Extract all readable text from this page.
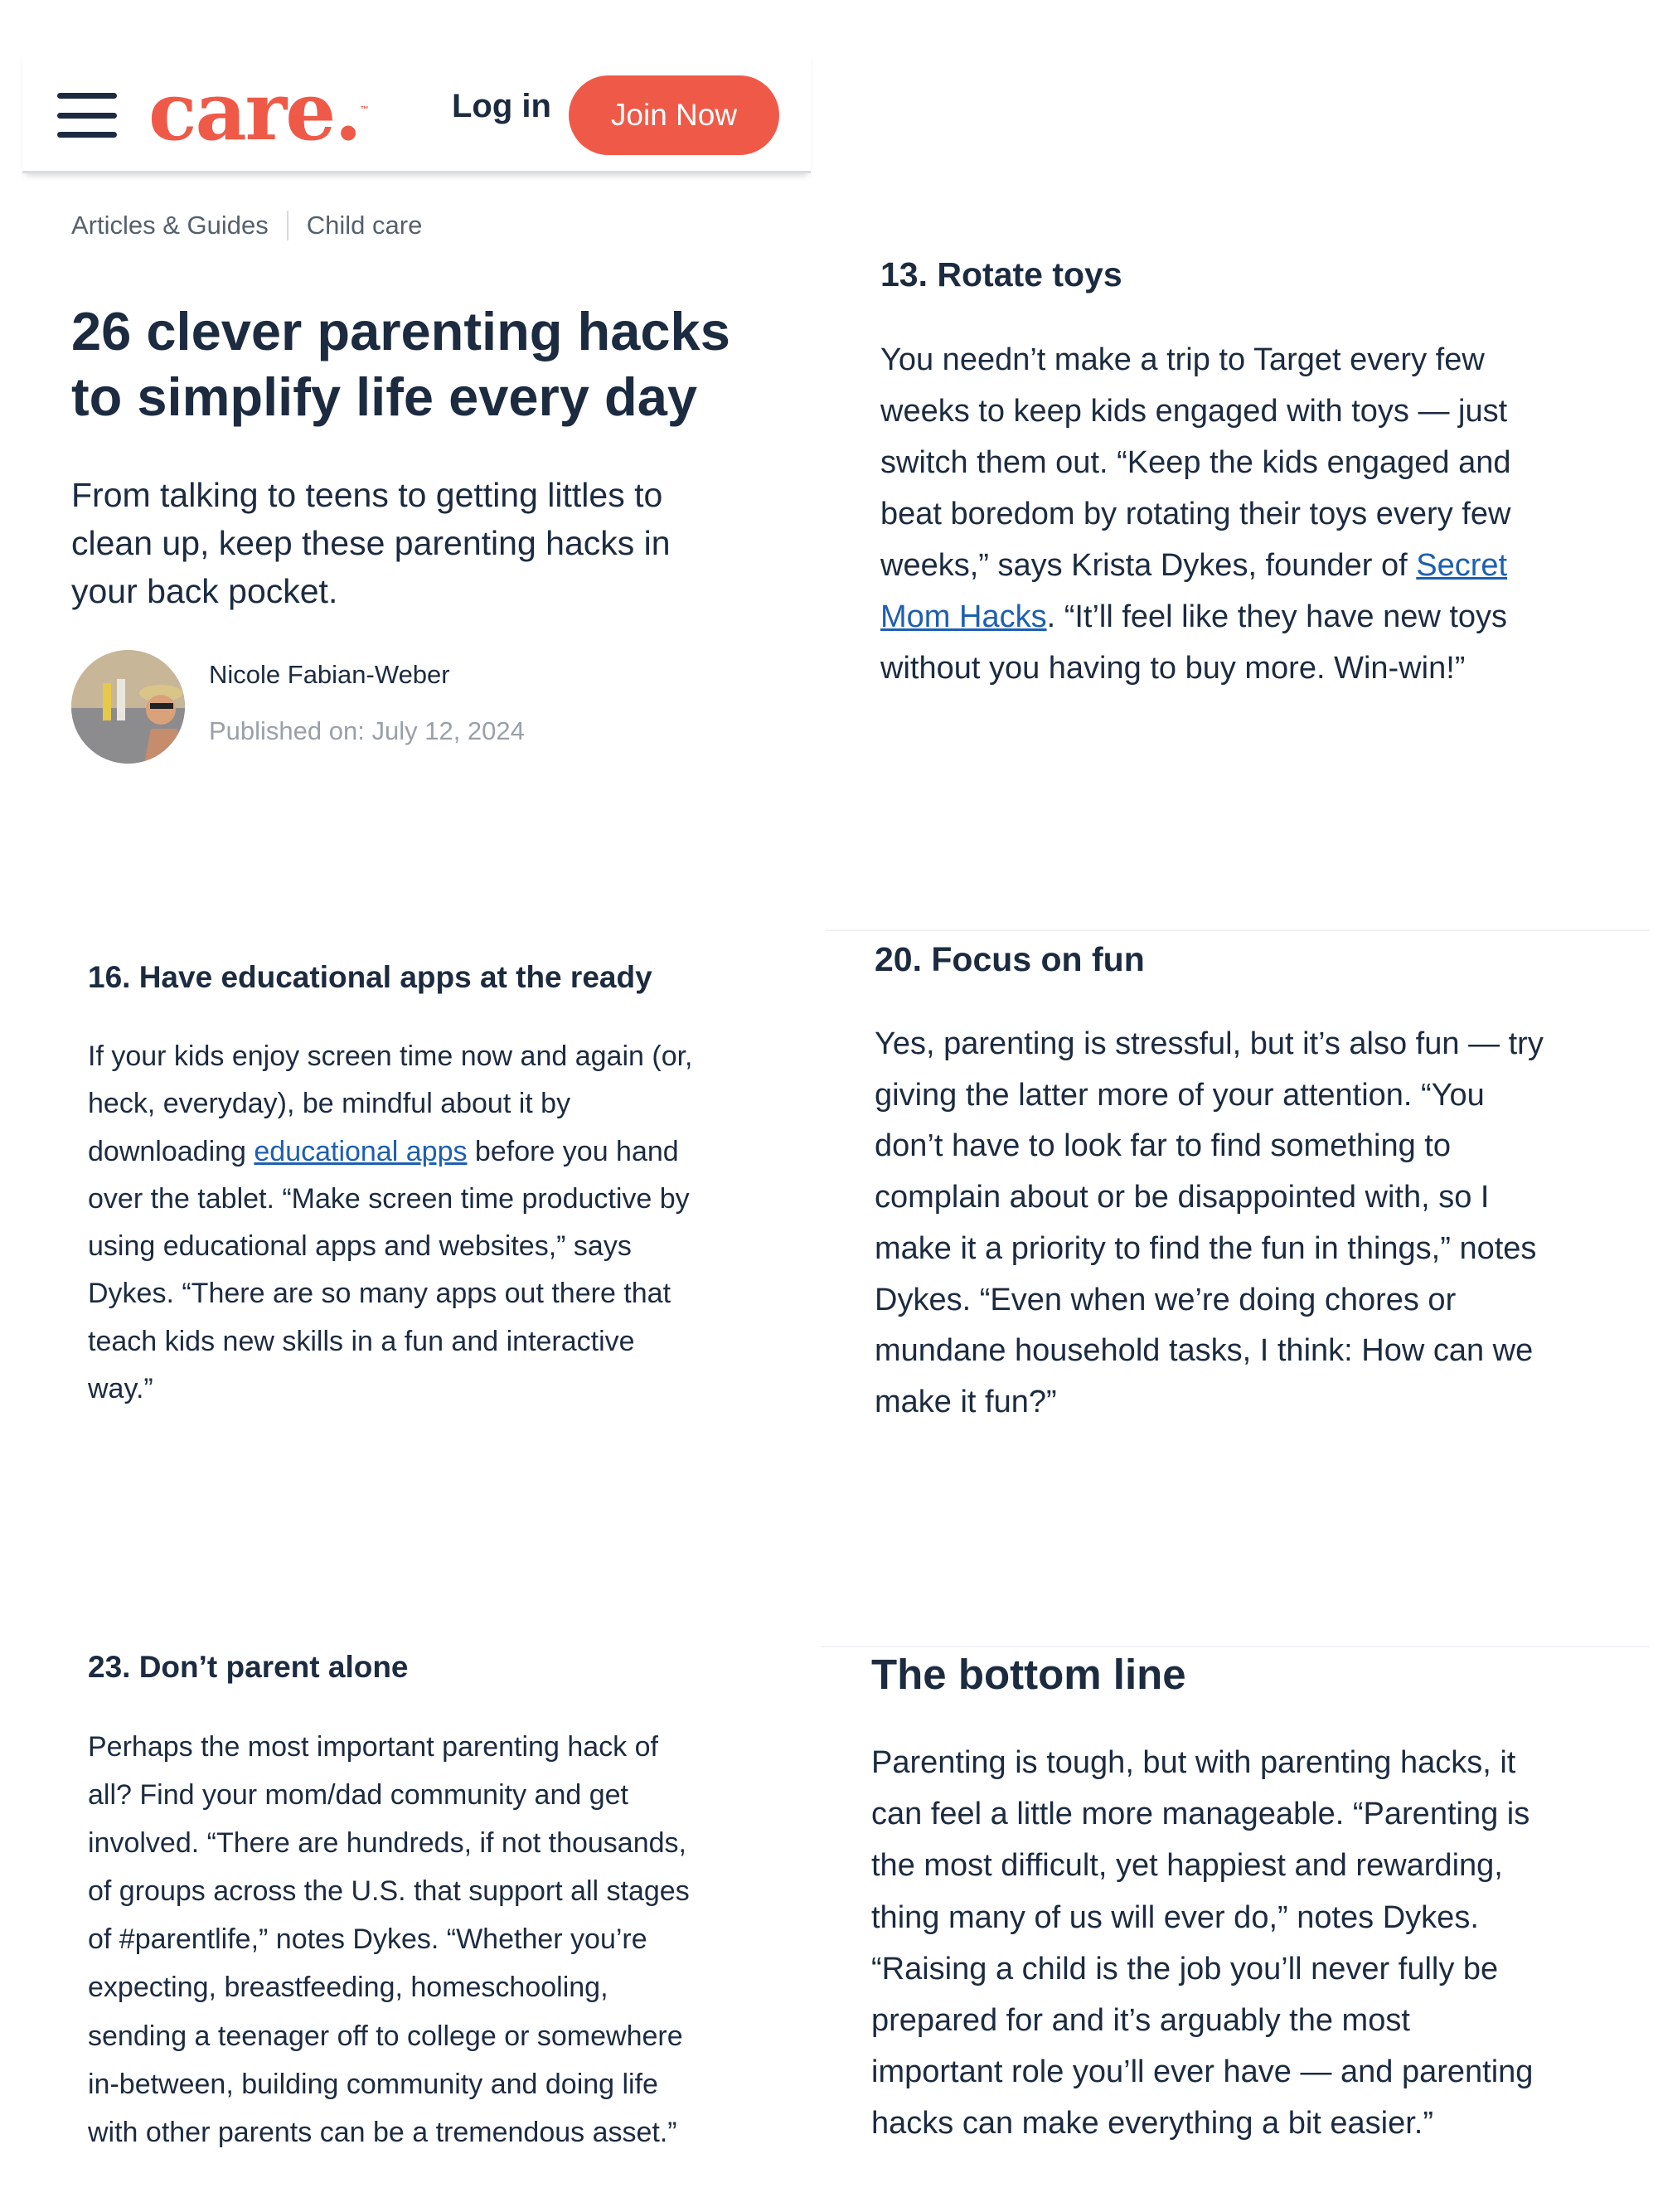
care.™	Log in	Join Now
Articles & Guides Child care
26 clever parenting hacks
to simplify life every day
From talking to teens to getting littles to
clean up, keep these parenting hacks in
your back pocket.
Nicole Fabian-Weber
Published on: July 12, 2024
13. Rotate toys
You needn’t make a trip to Target every few
weeks to keep kids engaged with toys — just
switch them out. “Keep the kids engaged and
beat boredom by rotating their toys every few
weeks,” says Krista Dykes, founder of Secret
Mom Hacks. “It’ll feel like they have new toys
without you having to buy more. Win-win!”
16. Have educational apps at the ready
If your kids enjoy screen time now and again (or,
heck, everyday), be mindful about it by
downloading educational apps before you hand
over the tablet. “Make screen time productive by
using educational apps and websites,” says
Dykes. “There are so many apps out there that
teach kids new skills in a fun and interactive
way.”
20. Focus on fun
Yes, parenting is stressful, but it’s also fun — try
giving the latter more of your attention. “You
don’t have to look far to find something to
complain about or be disappointed with, so I
make it a priority to find the fun in things,” notes
Dykes. “Even when we’re doing chores or
mundane household tasks, I think: How can we
make it fun?”
23. Don’t parent alone
Perhaps the most important parenting hack of
all? Find your mom/dad community and get
involved. “There are hundreds, if not thousands,
of groups across the U.S. that support all stages
of #parentlife,” notes Dykes. “Whether you’re
expecting, breastfeeding, homeschooling,
sending a teenager off to college or somewhere
in-between, building community and doing life
with other parents can be a tremendous asset.”
The bottom line
Parenting is tough, but with parenting hacks, it
can feel a little more manageable. “Parenting is
the most difficult, yet happiest and rewarding,
thing many of us will ever do,” notes Dykes.
“Raising a child is the job you’ll never fully be
prepared for and it’s arguably the most
important role you’ll ever have — and parenting
hacks can make everything a bit easier.”
